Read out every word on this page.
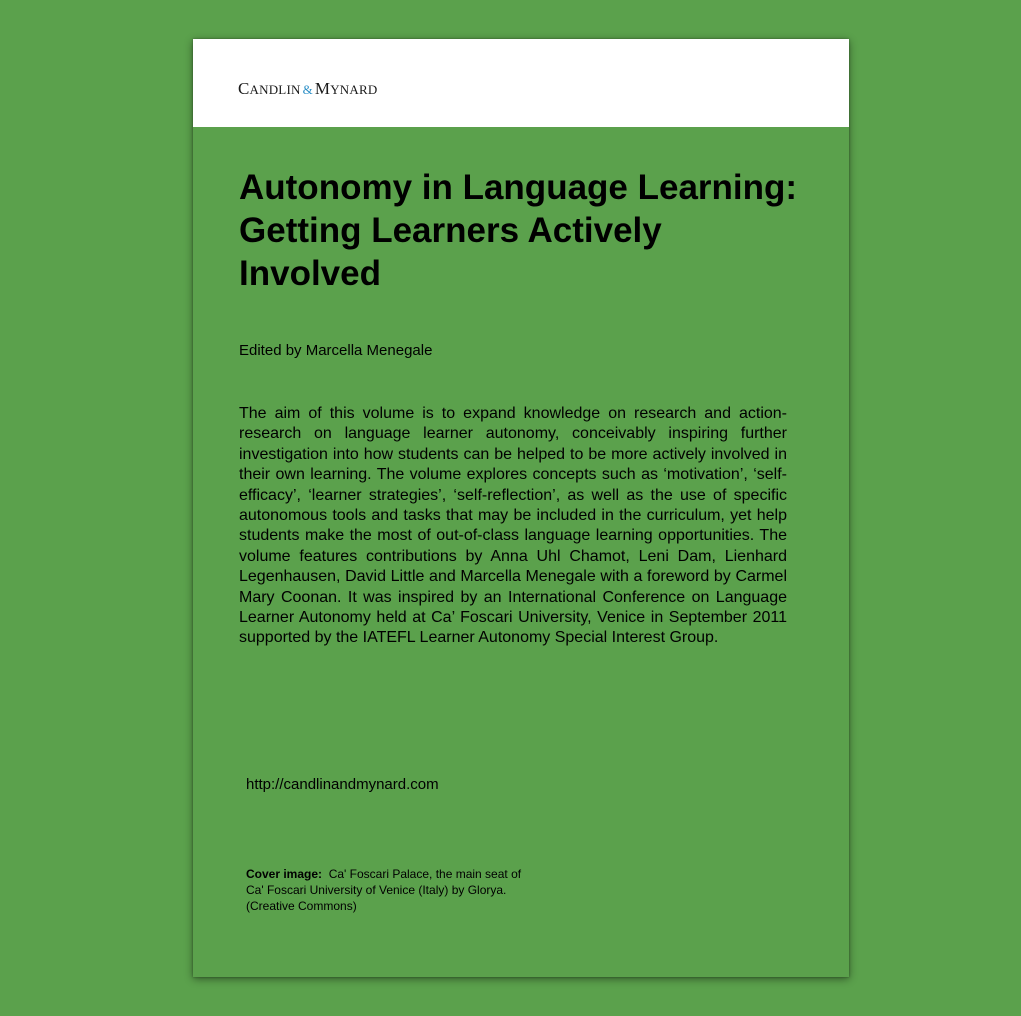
CANDLIN & MYNARD
Autonomy in Language Learning: Getting Learners Actively Involved
Edited by Marcella Menegale

The aim of this volume is to expand knowledge on research and action-research on language learner autonomy, conceivably inspiring further investigation into how students can be helped to be more actively involved in their own learning. The volume explores concepts such as ‘motivation’, ‘self-efficacy’, ‘learner strategies’, ‘self-reflection’, as well as the use of specific autonomous tools and tasks that may be included in the curriculum, yet help students make the most of out-of-class language learning opportunities. The volume features contributions by Anna Uhl Chamot, Leni Dam, Lienhard Legenhausen, David Little and Marcella Menegale with a foreword by Carmel Mary Coonan. It was inspired by an International Conference on Language Learner Autonomy held at Ca’ Foscari University, Venice in September 2011 supported by the IATEFL Learner Autonomy Special Interest Group.

http://candlinandmynard.com

Cover image: Ca' Foscari Palace, the main seat of
Ca' Foscari University of Venice (Italy) by Glorya.
(Creative Commons)
